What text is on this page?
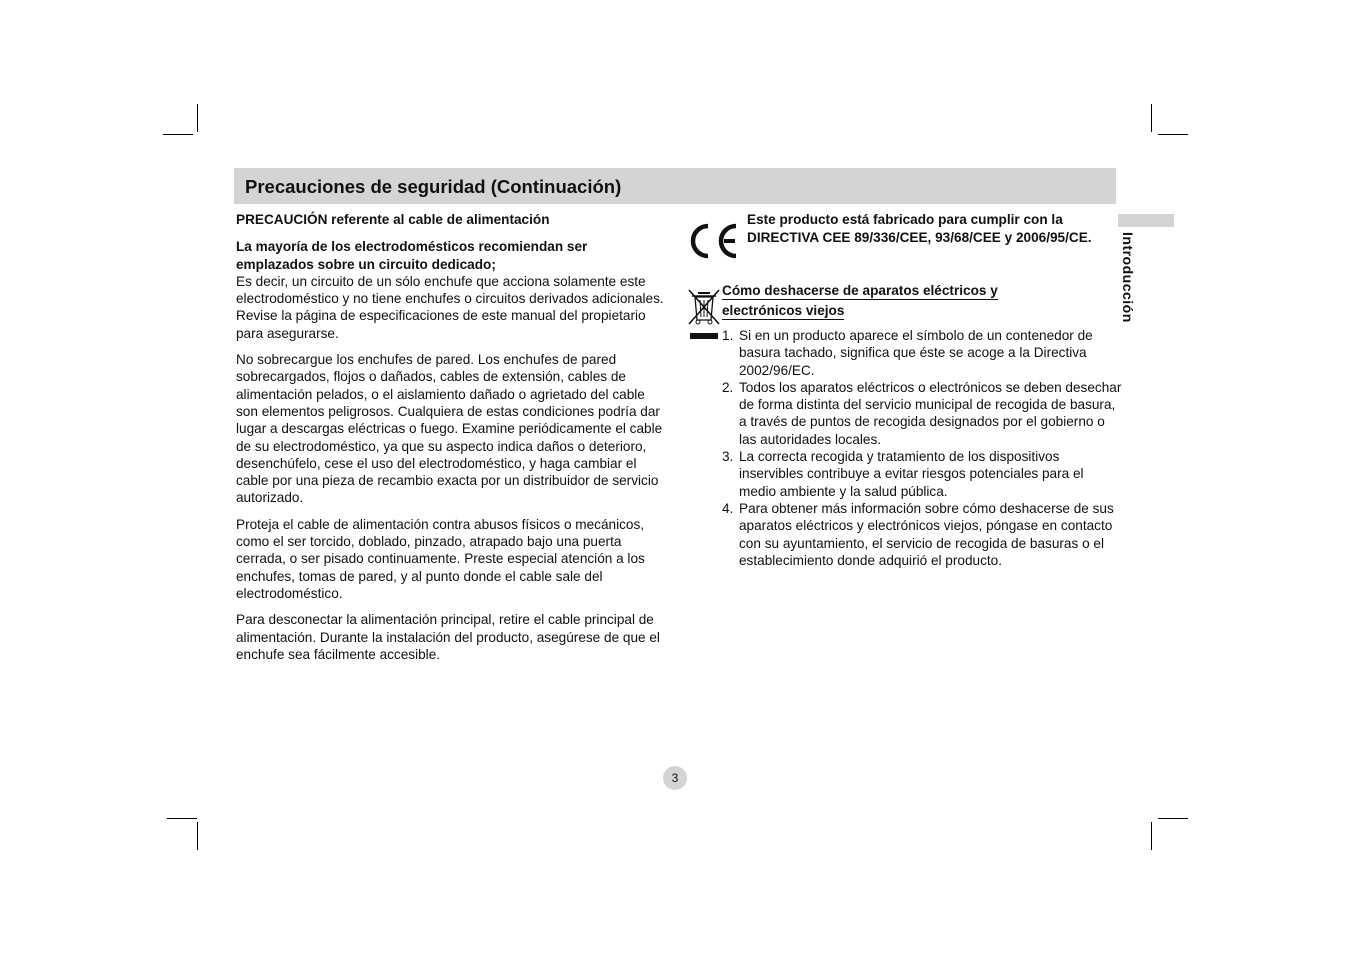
Precauciones de seguridad (Continuación)
Introducción

PRECAUCIÓN referente al cable de alimentación

La mayoría de los electrodomésticos recomiendan ser emplazados sobre un circuito dedicado;

Es decir, un circuito de un sólo enchufe que acciona solamente este electrodoméstico y no tiene enchufes o circuitos derivados adicionales. Revise la página de especificaciones de este manual del propietario para asegurarse.

No sobrecargue los enchufes de pared. Los enchufes de pared sobrecargados, flojos o dañados, cables de extensión, cables de alimentación pelados, o el aislamiento dañado o agrietado del cable son elementos peligrosos. Cualquiera de estas condiciones podría dar lugar a descargas eléctricas o fuego. Examine periódicamente el cable de su electrodoméstico, ya que su aspecto indica daños o deterioro, desenchúfelo, cese el uso del electrodoméstico, y haga cambiar el cable por una pieza de recambio exacta por un distribuidor de servicio autorizado.

Proteja el cable de alimentación contra abusos físicos o mecánicos, como el ser torcido, doblado, pinzado, atrapado bajo una puerta cerrada, o ser pisado continuamente. Preste especial atención a los enchufes, tomas de pared, y al punto donde el cable sale del electrodoméstico.

Para desconectar la alimentación principal, retire el cable principal de alimentación. Durante la instalación del producto, asegúrese de que el enchufe sea fácilmente accesible.

Este producto está fabricado para cumplir con la DIRECTIVA CEE 89/336/CEE, 93/68/CEE y 2006/95/CE.
Cómo deshacerse de aparatos eléctricos y electrónicos viejos
1. Si en un producto aparece el símbolo de un contenedor de basura tachado, significa que éste se acoge a la Directiva 2002/96/EC.
2. Todos los aparatos eléctricos o electrónicos se deben desechar de forma distinta del servicio municipal de recogida de basura, a través de puntos de recogida designados por el gobierno o las autoridades locales.
3. La correcta recogida y tratamiento de los dispositivos inservibles contribuye a evitar riesgos potenciales para el medio ambiente y la salud pública.
4. Para obtener más información sobre cómo deshacerse de sus aparatos eléctricos y electrónicos viejos, póngase en contacto con su ayuntamiento, el servicio de recogida de basuras o el establecimiento donde adquirió el producto.
3
